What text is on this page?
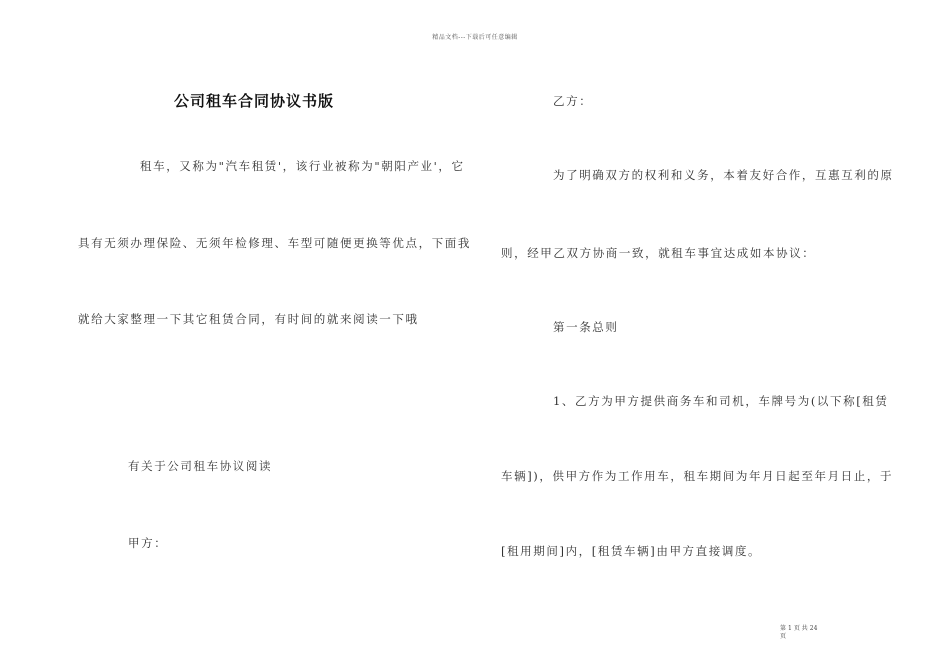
精品文档---下载后可任意编辑
公司租车合同协议书版
租车，又称为"汽车租赁'，该行业被称为"朝阳产业'，它
具有无须办理保险、无须年检修理、车型可随便更换等优点，下面我
就给大家整理一下其它租赁合同，有时间的就来阅读一下哦
有关于公司租车协议阅读
甲方：
乙方：
为了明确双方的权利和义务，本着友好合作，互惠互利的原
则，经甲乙双方协商一致，就租车事宜达成如本协议：
第一条总则
1、乙方为甲方提供商务车和司机，车牌号为(以下称[租赁
车辆])，供甲方作为工作用车，租车期间为年月日起至年月日止，于
[租用期间]内，[租赁车辆]由甲方直接调度。
第 1 页 共 24
页
